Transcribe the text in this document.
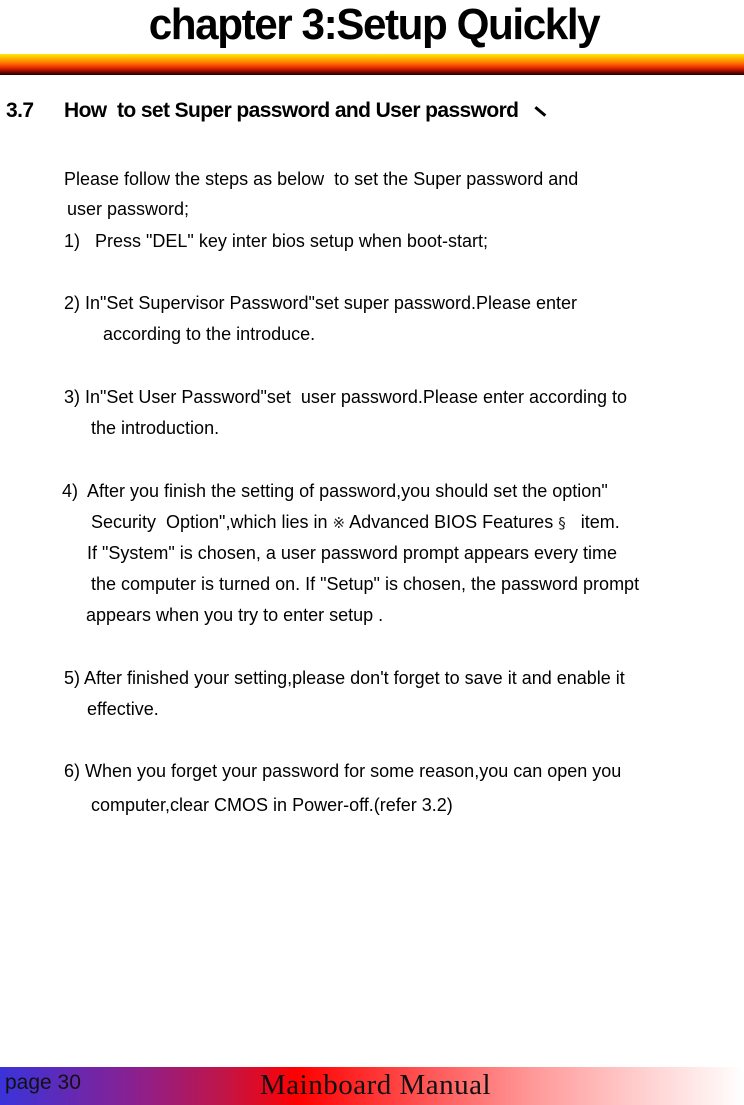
chapter 3:Setup Quickly
3.7 How  to set Super password and User password

Please follow the steps as below  to set the Super password and

user password;

1)   Press "DEL" key inter bios setup when boot-start;

2) In"Set Supervisor Password"set super password.Please enter

according to the introduce.

3) In"Set User Password"set  user password.Please enter according to

the introduction.

4)  After you finish the setting of password,you should set the option"

Security  Option",which lies in ※ Advanced BIOS Features §   item.

If "System" is chosen, a user password prompt appears every time

the computer is turned on. If "Setup" is chosen, the password prompt

appears when you try to enter setup .

5) After finished your setting,please don't forget to save it and enable it

effective.

6) When you forget your password for some reason,you can open you

computer,clear CMOS in Power-off.(refer 3.2)

page 30	Mainboard Manual
